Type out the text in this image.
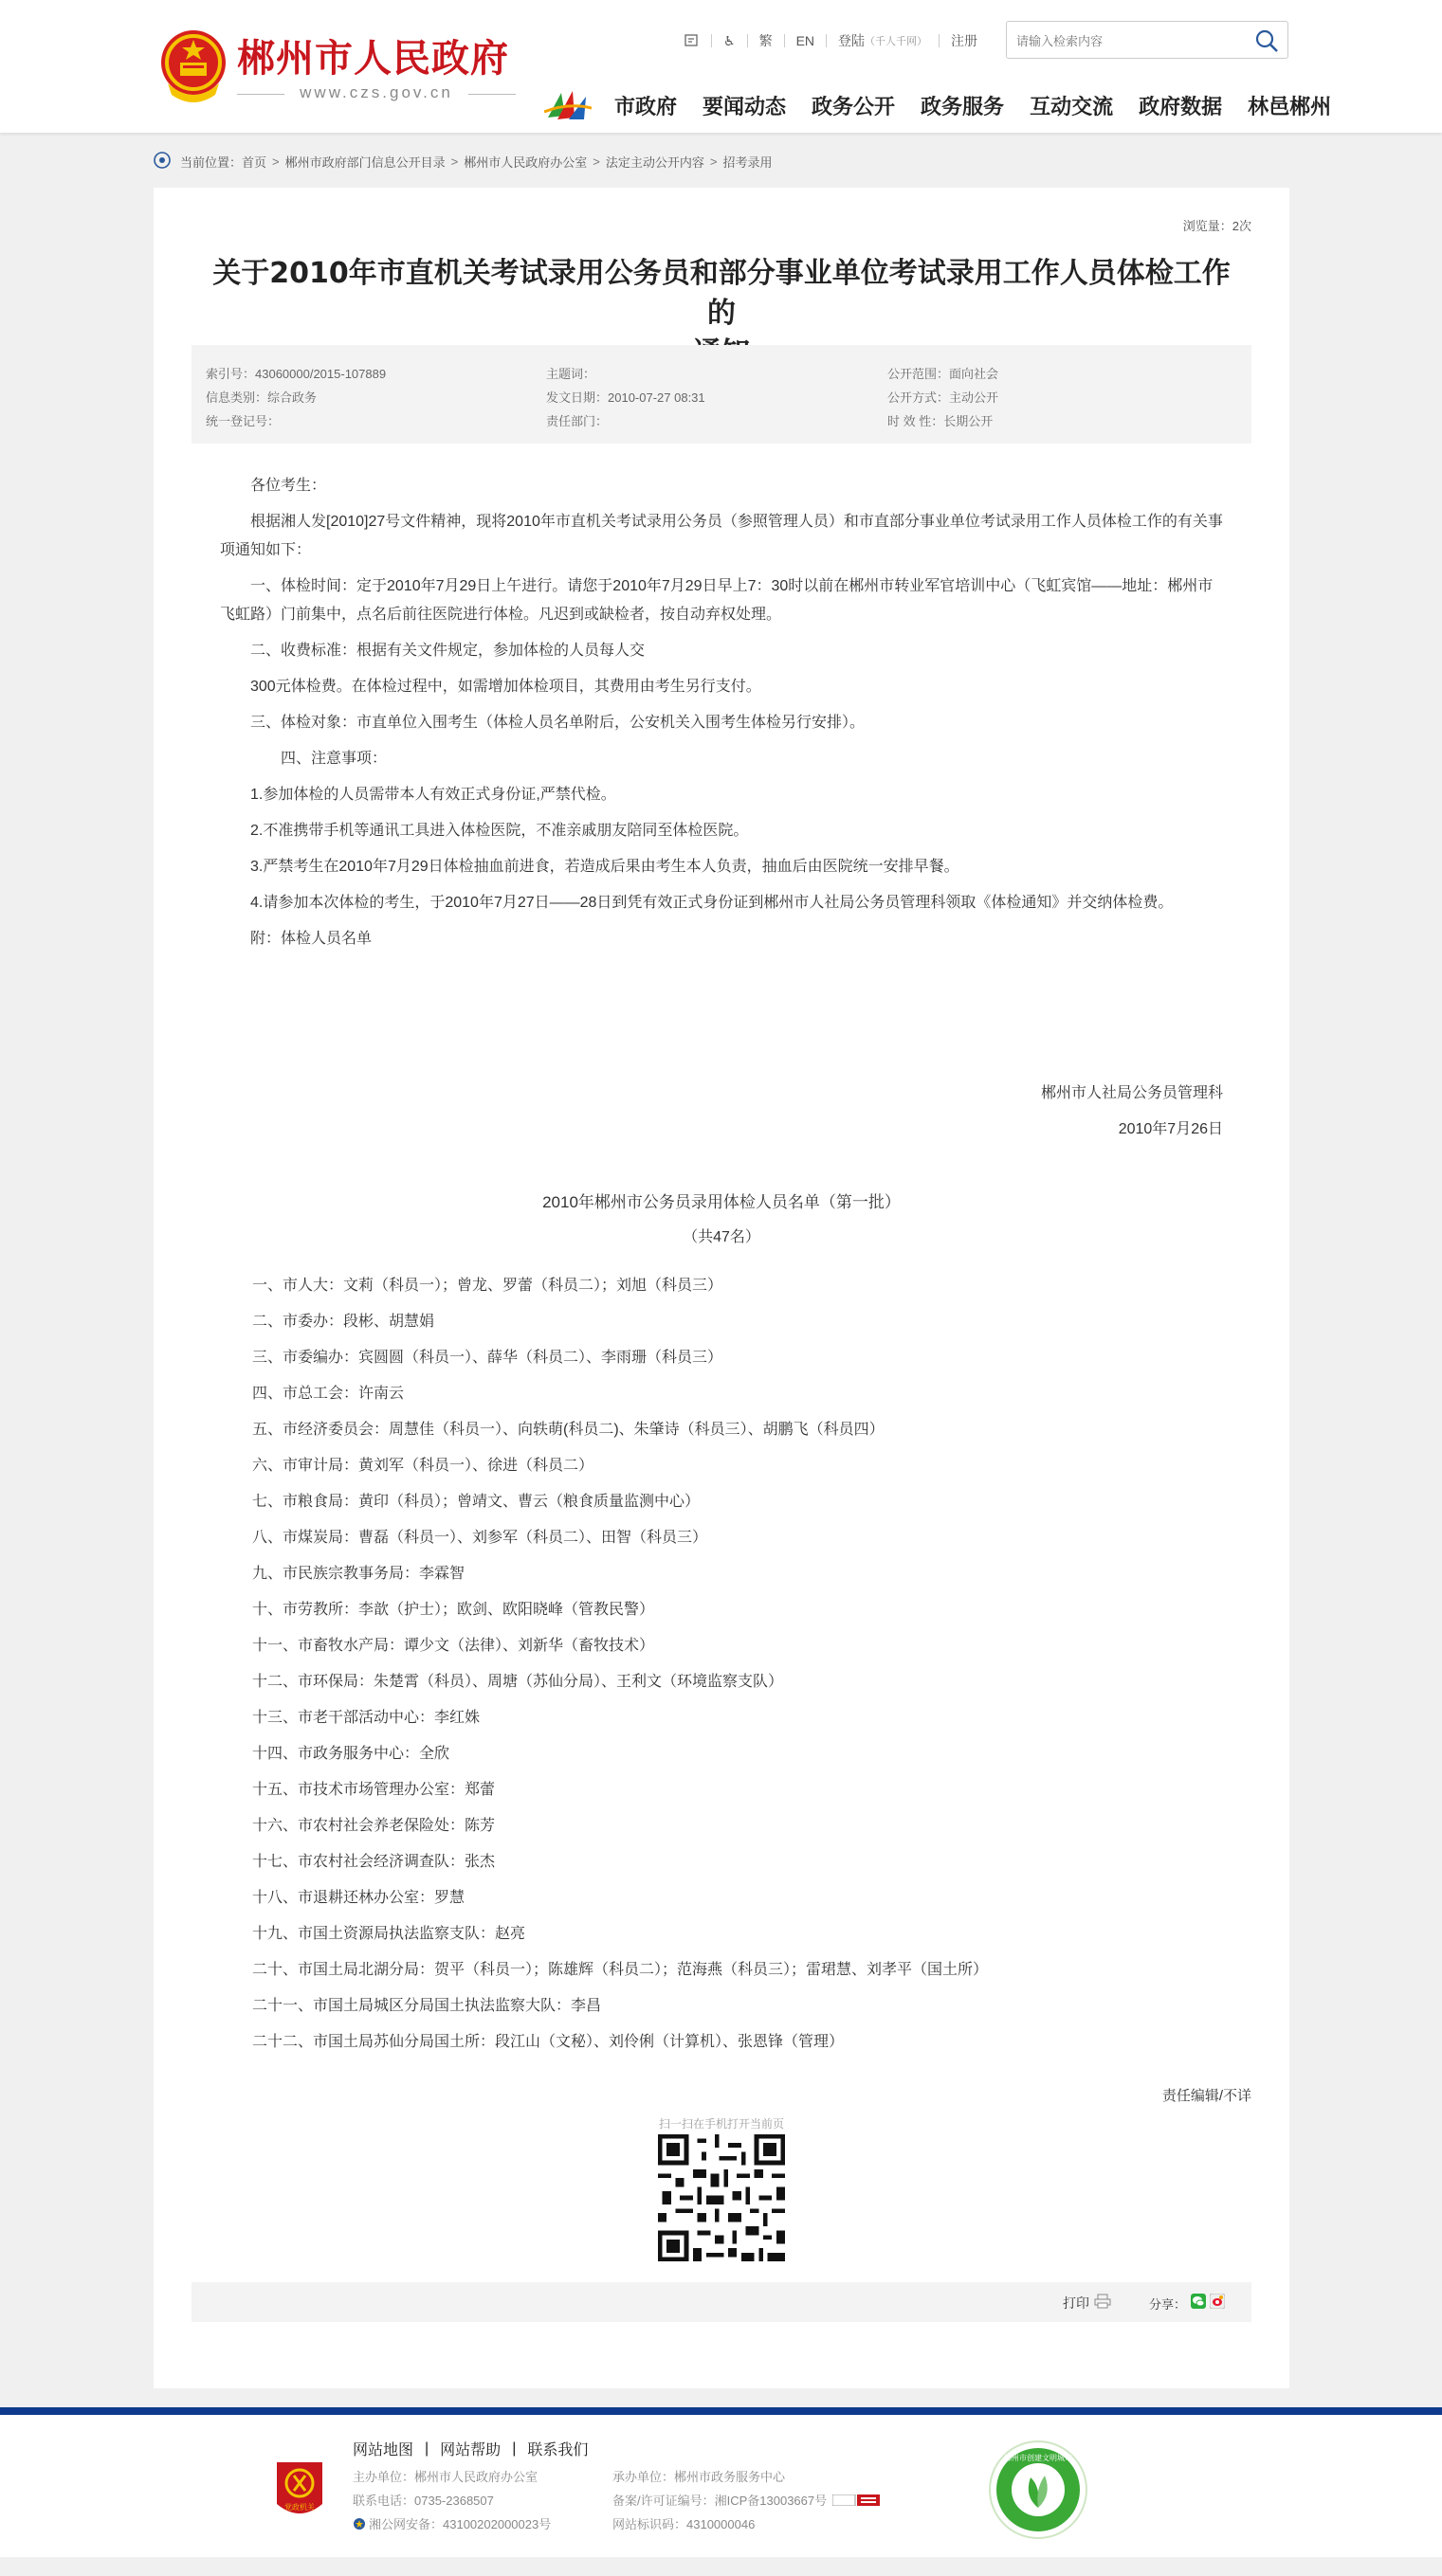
郴州市人民政府
www.czs.gov.cn
♿ 繁 EN 登陆 （千人千网） 注册
请输入检索内容
市政府 要闻动态 政务公开 政务服务 互动交流 政府数据 林邑郴州
当前位置： 首页 > 郴州市政府部门信息公开目录 > 郴州市人民政府办公室 > 法定主动公开内容 > 招考录用
浏览量：2次
关于2010年市直机关考试录用公务员和部分事业单位考试录用工作人员体检工作的
索引号：43060000/2015-107889
信息类别：综合政务
统一登记号：
主题词：
发文日期：2010-07-27 08:31
责任部门：
公开范围：面向社会
公开方式：主动公开
时 效 性：长期公开

各位考生：

根据湘人发[2010]27号文件精神，现将2010年市直机关考试录用公务员（参照管理人员）和市直部分事业单位考试录用工作人员体检工作的有关事项通知如下：

一、体检时间：定于2010年7月29日上午进行。请您于2010年7月29日早上7：30时以前在郴州市转业军官培训中心（飞虹宾馆——地址：郴州市飞虹路）门前集中，点名后前往医院进行体检。凡迟到或缺检者，按自动弃权处理。

二、收费标准：根据有关文件规定，参加体检的人员每人交

300元体检费。在体检过程中，如需增加体检项目，其费用由考生另行支付。

三、体检对象：市直单位入围考生（体检人员名单附后，公安机关入围考生体检另行安排）。

四、注意事项：

1.参加体检的人员需带本人有效正式身份证,严禁代检。

2.不准携带手机等通讯工具进入体检医院，不准亲戚朋友陪同至体检医院。

3.严禁考生在2010年7月29日体检抽血前进食，若造成后果由考生本人负责，抽血后由医院统一安排早餐。

4.请参加本次体检的考生，于2010年7月27日——28日到凭有效正式身份证到郴州市人社局公务员管理科领取《体检通知》并交纳体检费。

附：体检人员名单

郴州市人社局公务员管理科
2010年7月26日
2010年郴州市公务员录用体检人员名单（第一批）
（共47名）
一、市人大：文莉（科员一）；曾龙、罗蕾（科员二）；刘旭（科员三）
二、市委办：段彬、胡慧娟
三、市委编办：宾圆圆（科员一）、薛华（科员二）、李雨珊（科员三）
四、市总工会：许南云
五、市经济委员会：周慧佳（科员一）、向轶萌(科员二)、朱肇诗（科员三）、胡鹏飞（科员四）
六、市审计局：黄刘军（科员一）、徐进（科员二）
七、市粮食局：黄印（科员）；曾靖文、曹云（粮食质量监测中心）
八、市煤炭局：曹磊（科员一）、刘参军（科员二）、田智（科员三）
九、市民族宗教事务局：李霖智
十、市劳教所：李歆（护士）；欧剑、欧阳晓峰（管教民警）
十一、市畜牧水产局：谭少文（法律）、刘新华（畜牧技术）
十二、市环保局：朱楚霄（科员）、周塘（苏仙分局）、王利文（环境监察支队）
十三、市老干部活动中心：李红姝
十四、市政务服务中心：全欣
十五、市技术市场管理办公室：郑蕾
十六、市农村社会养老保险处：陈芳
十七、市农村社会经济调查队：张杰
十八、市退耕还林办公室：罗慧
十九、市国土资源局执法监察支队：赵亮
二十、市国土局北湖分局：贺平（科员一）；陈雄辉（科员二）；范海燕（科员三）；雷珺慧、刘孝平（国土所）
二十一、市国土局城区分局国土执法监察大队：李昌
二十二、市国土局苏仙分局国土所：段江山（文秘）、刘伶俐（计算机）、张恩锋（管理）
责任编辑/不详
扫一扫在手机打开当前页
打印	分享：
网站地图 | 网站帮助 | 联系我们
党政机关
主办单位：郴州市人民政府办公室
联系电话：0735-2368507
湘公网安备：43100202000023号
承办单位：郴州市政务服务中心
备案/许可证编号：湘ICP备13003667号
网站标识码：4310000046
郴州市创建文明城市
